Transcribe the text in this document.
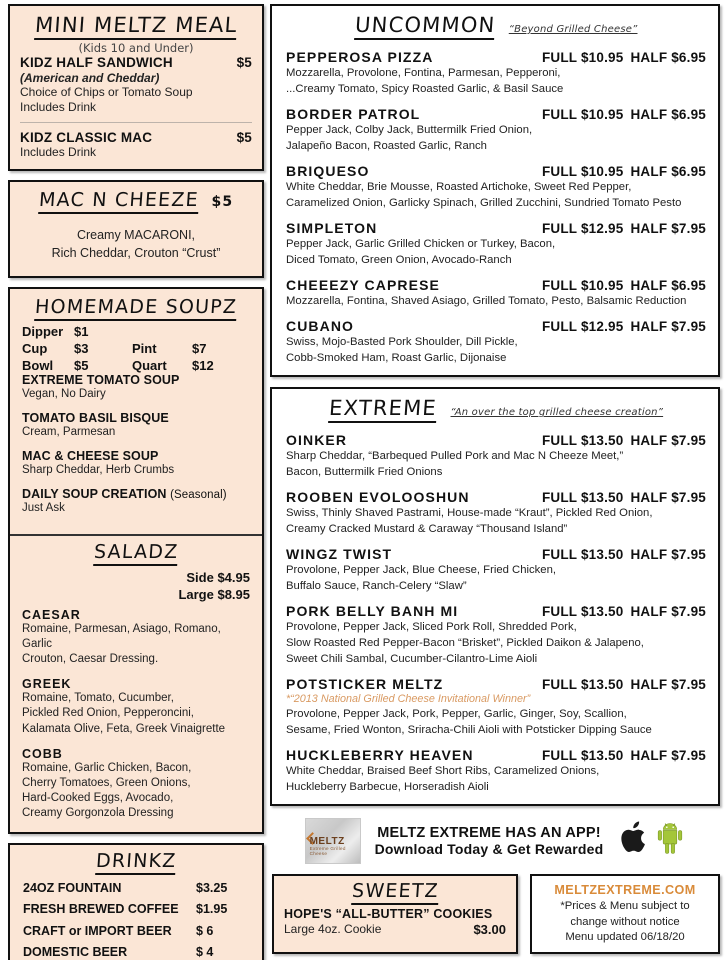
MINI MELTZ MEAL
(Kids 10 and Under)
KIDZ HALF SANDWICH	$5
(American and Cheddar)
Choice of Chips or Tomato Soup
Includes Drink
KIDZ CLASSIC MAC	$5
Includes Drink
MAC N CHEEZE $5
Creamy MACARONI,
Rich Cheddar, Crouton “Crust”
HOMEMADE SOUPZ
Dipper $1
Cup	$3	Pint	$7
Bowl	$5	Quart	$12
EXTREME TOMATO SOUP
Vegan, No Dairy
TOMATO BASIL BISQUE
Cream, Parmesan
MAC & CHEESE SOUP
Sharp Cheddar, Herb Crumbs
DAILY SOUP CREATION (Seasonal)
Just Ask
SALADZ
Side $4.95
Large $8.95
CAESAR
Romaine, Parmesan, Asiago, Romano, Garlic
Crouton, Caesar Dressing.
GREEK
Romaine, Tomato, Cucumber,
Pickled Red Onion, Pepperoncini,
Kalamata Olive, Feta, Greek Vinaigrette
COBB
Romaine, Garlic Chicken, Bacon,
Cherry Tomatoes, Green Onions,
Hard-Cooked Eggs, Avocado,
Creamy Gorgonzola Dressing
DRINKZ
24OZ FOUNTAIN	$3.25
FRESH BREWED COFFEE $1.95
CRAFT or IMPORT BEER $ 6
DOMESTIC BEER	$ 4
UNCOMMON “Beyond Grilled Cheese”
PEPPEROSA PIZZA	FULL $10.95 HALF $6.95
Mozzarella, Provolone, Fontina, Parmesan, Pepperoni,
...Creamy Tomato, Spicy Roasted Garlic, & Basil Sauce
BORDER PATROL	FULL $10.95 HALF $6.95
Pepper Jack, Colby Jack, Buttermilk Fried Onion,
Jalapeño Bacon, Roasted Garlic, Ranch
BRIQUESO	FULL $10.95 HALF $6.95
White Cheddar, Brie Mousse, Roasted Artichoke, Sweet Red Pepper,
Caramelized Onion, Garlicky Spinach, Grilled Zucchini, Sundried Tomato Pesto
SIMPLETON	FULL $12.95 HALF $7.95
Pepper Jack, Garlic Grilled Chicken or Turkey, Bacon,
Diced Tomato, Green Onion, Avocado-Ranch
CHEEEZY CAPRESE	FULL $10.95 HALF $6.95
Mozzarella, Fontina, Shaved Asiago, Grilled Tomato, Pesto, Balsamic Reduction
CUBANO	FULL $12.95 HALF $7.95
Swiss, Mojo-Basted Pork Shoulder, Dill Pickle,
Cobb-Smoked Ham, Roast Garlic, Dijonaise
EXTREME “An over the top grilled cheese creation”
OINKER	FULL $13.50 HALF $7.95
Sharp Cheddar, “Barbequed Pulled Pork and Mac N Cheeze Meet,”
Bacon, Buttermilk Fried Onions
ROOBEN EVOLOOSHUN	FULL $13.50 HALF $7.95
Swiss, Thinly Shaved Pastrami, House-made “Kraut”, Pickled Red Onion,
Creamy Cracked Mustard & Caraway “Thousand Island”
WINGZ TWIST	FULL $13.50 HALF $7.95
Provolone, Pepper Jack, Blue Cheese, Fried Chicken,
Buffalo Sauce, Ranch-Celery “Slaw”
PORK BELLY BANH MI	FULL $13.50 HALF $7.95
Provolone, Pepper Jack, Sliced Pork Roll, Shredded Pork,
Slow Roasted Red Pepper-Bacon “Brisket”, Pickled Daikon & Jalapeno,
Sweet Chili Sambal, Cucumber-Cilantro-Lime Aioli
POTSTICKER MELTZ	FULL $13.50 HALF $7.95
*“2013 National Grilled Cheese Invitational Winner”
Provolone, Pepper Jack, Pork, Pepper, Garlic, Ginger, Soy, Scallion,
Sesame, Fried Wonton, Sriracha-Chili Aioli with Potsticker Dipping Sauce
HUCKLEBERRY HEAVEN	FULL $13.50 HALF $7.95
White Cheddar, Braised Beef Short Ribs, Caramelized Onions,
Huckleberry Barbecue, Horseradish Aioli
MELTZ
Extreme Grilled Cheese
MELTZ EXTREME HAS AN APP!
Download Today & Get Rewarded
SWEETZ
HOPE'S “ALL-BUTTER” COOKIES
Large 4oz. Cookie	$3.00
MELTZEXTREME.COM
*Prices & Menu subject to
change without notice
Menu updated 06/18/20
